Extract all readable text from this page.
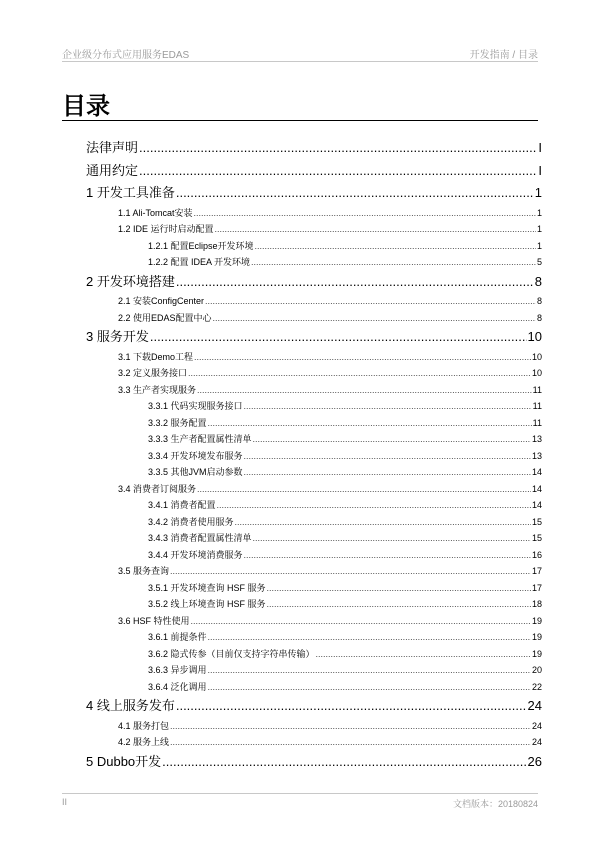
企业级分布式应用服务EDAS	开发指南 / 目录
目录
法律声明 .....	I
通用约定 .....	I
1 开发工具准备 .....	1
1.1 Ali-Tomcat安装 .....	1
1.2 IDE 运行时启动配置 .....	1
1.2.1 配置Eclipse开发环境 .....	1
1.2.2 配置 IDEA 开发环境 .....	5
2 开发环境搭建 .....	8
2.1 安装ConfigCenter .....	8
2.2 使用EDAS配置中心 .....	8
3 服务开发 .....	10
3.1 下载Demo工程 .....	10
3.2 定义服务接口 .....	10
3.3 生产者实现服务 .....	11
3.3.1 代码实现服务接口 .....	11
3.3.2 服务配置 .....	11
3.3.3 生产者配置属性清单 .....	13
3.3.4 开发环境发布服务 .....	13
3.3.5 其他JVM启动参数 .....	14
3.4 消费者订阅服务 .....	14
3.4.1 消费者配置 .....	14
3.4.2 消费者使用服务 .....	15
3.4.3 消费者配置属性清单 .....	15
3.4.4 开发环境消费服务 .....	16
3.5 服务查询 .....	17
3.5.1 开发环境查询 HSF 服务 .....	17
3.5.2 线上环境查询 HSF 服务 .....	18
3.6 HSF 特性使用 .....	19
3.6.1 前提条件 .....	19
3.6.2 隐式传参（目前仅支持字符串传输） .....	19
3.6.3 异步调用 .....	20
3.6.4 泛化调用 .....	22
4 线上服务发布 .....	24
4.1 服务打包 .....	24
4.2 服务上线 .....	24
5 Dubbo开发 .....	26
II	文档版本：20180824
